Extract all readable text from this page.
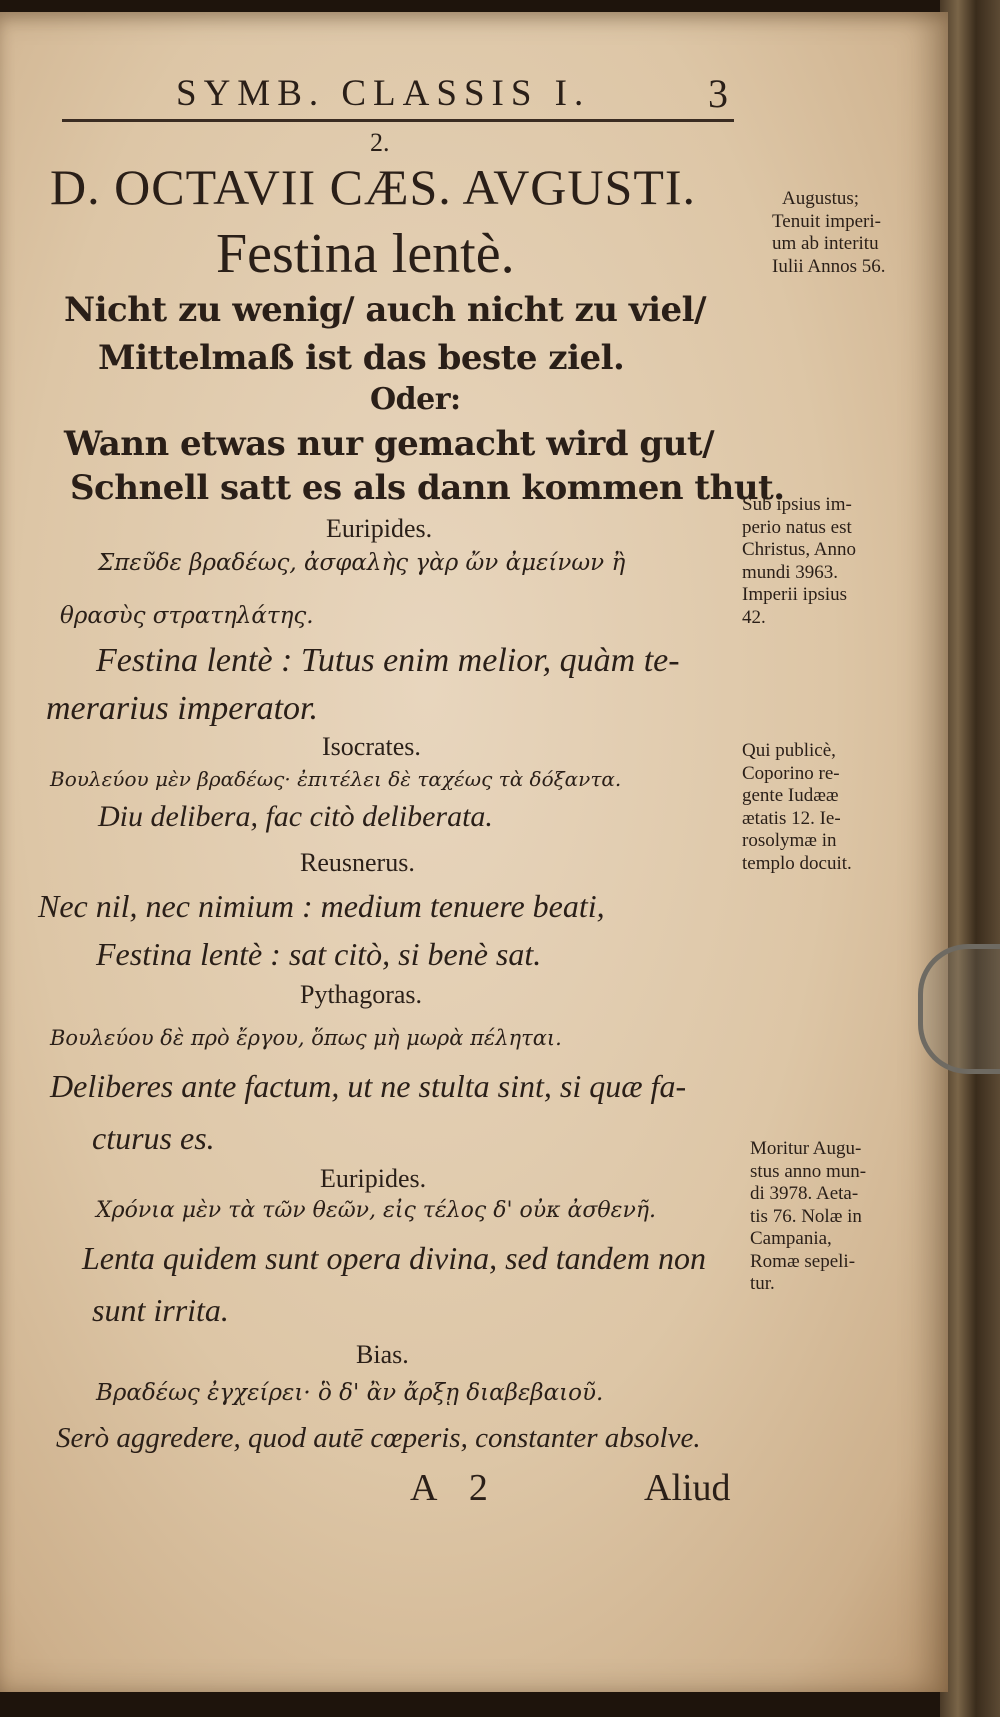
SYMB. CLASSIS I.	3
2.
D. OCTAVII CÆS. AVGUSTI.
Festina lentè.
Nicht zu wenig/ auch nicht zu viel/
Mittelmaß ist das beste ziel.
Oder:
Wann etwas nur gemacht wird gut/
Schnell satt es als dann kommen thut.
Euripides.
Σπεῦδε βραδέως, ἀσφαλὴς γὰρ ὤν ἀμείνων ἢ
θρασὺς στρατηλάτης.
Festina lentè : Tutus enim melior, quàm te-
merarius imperator.
Isocrates.
Βουλεύου μὲν βραδέως· ἐπιτέλει δὲ ταχέως τὰ δόξαντα.
Diu delibera, fac citò deliberata.
Reusnerus.
Nec nil, nec nimium : medium tenuere beati,
Festina lentè : sat citò, si benè sat.
Pythagoras.
Βουλεύου δὲ πρὸ ἔργου, ὅπως μὴ μωρὰ πέληται.
Deliberes ante factum, ut ne stulta sint, si quæ fa-
cturus es.
Euripides.
Χρόνια μὲν τὰ τῶν θεῶν, εἰς τέλος δ' οὐκ ἀσθενῆ.
Lenta quidem sunt opera divina, sed tandem non
sunt irrita.
Bias.
Βραδέως ἐγχείρει· ὃ δ' ἂν ἄρξῃ διαβεβαιοῦ.
Serò aggredere, quod autē cœperis, constanter absolve.
A 2	Aliud
Augustus;
Tenuit imperi-
um ab interitu
Iulii Annos 56.
Sub ipsius im-
perio natus est
Christus, Anno
mundi 3963.
Imperii ipsius
42.
Qui publicè,
Coporino re-
gente Iudææ
ætatis 12. Ie-
rosolymæ in
templo docuit.
Moritur Augu-
stus anno mun-
di 3978. Aeta-
tis 76. Nolæ in
Campania,
Romæ sepeli-
tur.
